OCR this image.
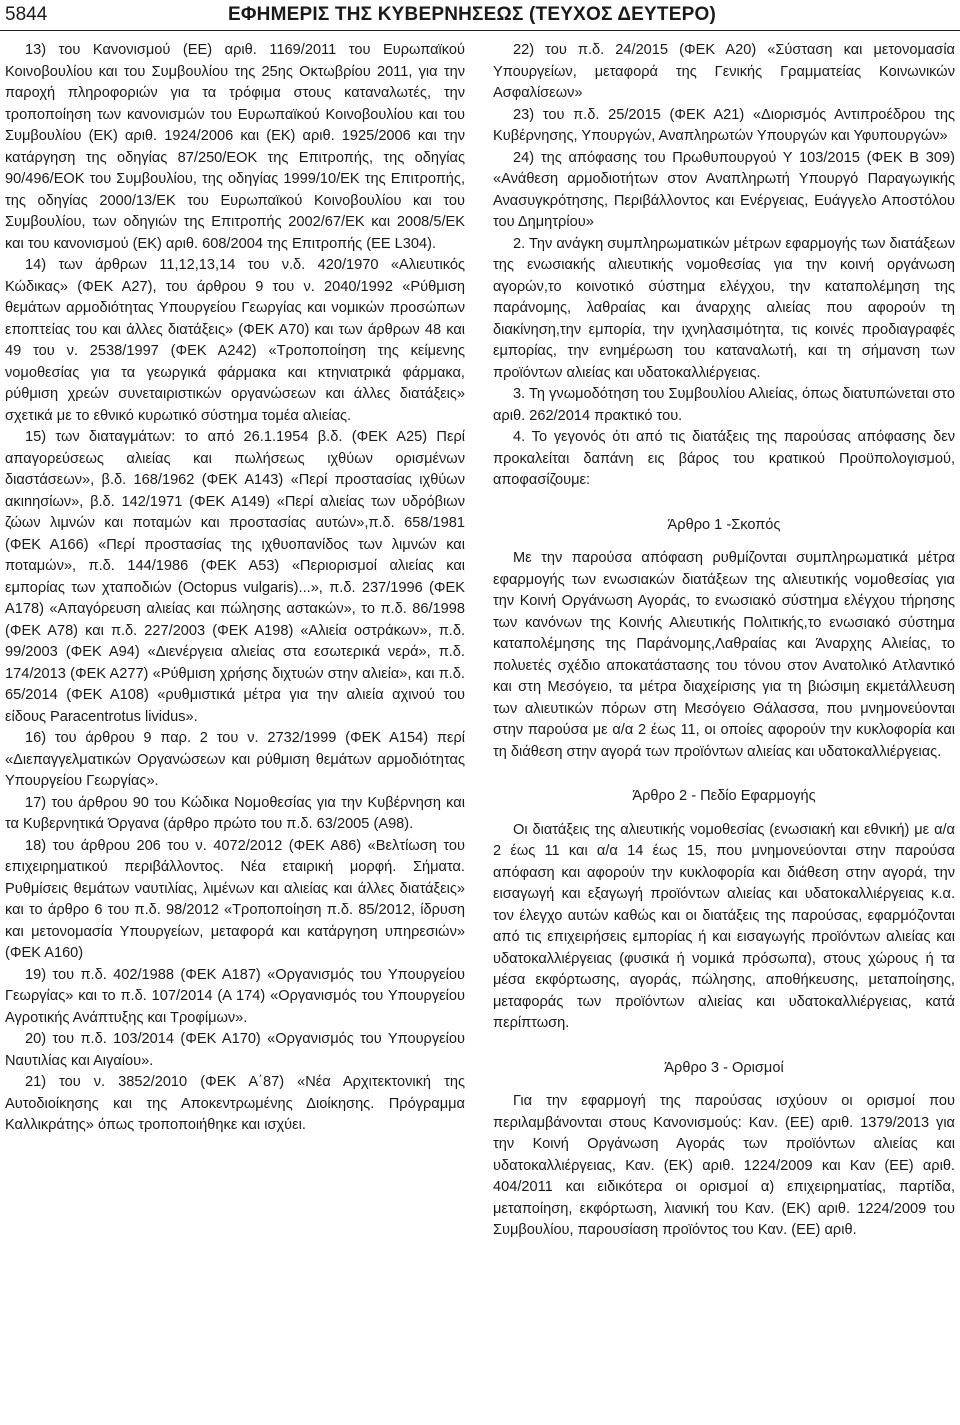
5844	ΕΦΗΜΕΡΙΣ ΤΗΣ ΚΥΒΕΡΝΗΣΕΩΣ (ΤΕΥΧΟΣ ΔΕΥΤΕΡΟ)

13) του Κανονισμού (ΕΕ) αριθ. 1169/2011 του Ευρωπαϊκού Κοινοβουλίου και του Συμβουλίου της 25ης Οκτωβρίου 2011, για την παροχή πληροφοριών για τα τρόφιμα στους καταναλωτές, την τροποποίηση των κανονισμών του Ευρωπαϊκού Κοινοβουλίου και του Συμβουλίου (ΕΚ) αριθ. 1924/2006 και (ΕΚ) αριθ. 1925/2006 και την κατάργηση της οδηγίας 87/250/ΕΟΚ της Επιτροπής, της οδηγίας 90/496/ΕΟΚ του Συμβουλίου, της οδηγίας 1999/10/ΕΚ της Επιτροπής, της οδηγίας 2000/13/ΕΚ του Ευρωπαϊκού Κοινοβουλίου και του Συμβουλίου, των οδηγιών της Επιτροπής 2002/67/ΕΚ και 2008/5/ΕΚ και του κανονισμού (ΕΚ) αριθ. 608/2004 της Επιτροπής (ΕΕ L304).

14) των άρθρων 11,12,13,14 του ν.δ. 420/1970 «Αλιευτικός Κώδικας» (ΦΕΚ Α27), του άρθρου 9 του ν. 2040/1992 «Ρύθμιση θεμάτων αρμοδιότητας Υπουργείου Γεωργίας και νομικών προσώπων εποπτείας του και άλλες διατάξεις» (ΦΕΚ Α70) και των άρθρων 48 και 49 του ν. 2538/1997 (ΦΕΚ Α242) «Τροποποίηση της κείμενης νομοθεσίας για τα γεωργικά φάρμακα και κτηνιατρικά φάρμακα, ρύθμιση χρεών συνεταιριστικών οργανώσεων και άλλες διατάξεις» σχετικά με το εθνικό κυρωτικό σύστημα τομέα αλιείας.

15) των διαταγμάτων: το από 26.1.1954 β.δ. (ΦΕΚ Α25) Περί απαγορεύσεως αλιείας και πωλήσεως ιχθύων ορισμένων διαστάσεων», β.δ. 168/1962 (ΦΕΚ Α143) «Περί προστασίας ιχθύων ακιnησίων», β.δ. 142/1971 (ΦΕΚ Α149) «Περί αλιείας των υδρόβιων ζώων λιμνών και ποταμών και προστασίας αυτών»,π.δ. 658/1981 (ΦΕΚ Α166) «Περί προστασίας της ιχθυοπανίδος των λιμνών και ποταμών», π.δ. 144/1986 (ΦΕΚ Α53) «Περιορισμοί αλιείας και εμπορίας των χταποδιών (Octopus vulgaris)...», π.δ. 237/1996 (ΦΕΚ Α178) «Απαγόρευση αλιείας και πώλησης αστακών», το π.δ. 86/1998 (ΦΕΚ Α78) και π.δ. 227/2003 (ΦΕΚ Α198) «Αλιεία οστράκων», π.δ. 99/2003 (ΦΕΚ Α94) «Διενέργεια αλιείας στα εσωτερικά νερά», π.δ. 174/2013 (ΦΕΚ Α277) «Ρύθμιση χρήσης διχτυών στην αλιεία», και π.δ. 65/2014 (ΦΕΚ Α108) «ρυθμιστικά μέτρα για την αλιεία αχινού του είδους Paracentrotus lividus».

16) του άρθρου 9 παρ. 2 του ν. 2732/1999 (ΦΕΚ Α154) περί «Διεπαγγελματικών Οργανώσεων και ρύθμιση θεμάτων αρμοδιότητας Υπουργείου Γεωργίας».

17) του άρθρου 90 του Κώδικα Νομοθεσίας για την Κυβέρνηση και τα Κυβερνητικά Όργανα (άρθρο πρώτο του π.δ. 63/2005 (Α98).

18) του άρθρου 206 του ν. 4072/2012 (ΦΕΚ Α86) «Βελτίωση του επιχειρηματικού περιβάλλοντος. Νέα εταιρική μορφή. Σήματα. Ρυθμίσεις θεμάτων ναυτιλίας, λιμένων και αλιείας και άλλες διατάξεις» και το άρθρο 6 του π.δ. 98/2012 «Τροποποίηση π.δ. 85/2012, ίδρυση και μετονομασία Υπουργείων, μεταφορά και κατάργηση υπηρεσιών» (ΦΕΚ Α160)

19) του π.δ. 402/1988 (ΦΕΚ Α187) «Οργανισμός του Υπουργείου Γεωργίας» και το π.δ. 107/2014 (Α 174) «Οργανισμός του Υπουργείου Αγροτικής Ανάπτυξης και Τροφίμων».

20) του π.δ. 103/2014 (ΦΕΚ Α170) «Οργανισμός του Υπουργείου Ναυτιλίας και Αιγαίου».

21) του ν. 3852/2010 (ΦΕΚ Α΄87) «Νέα Αρχιτεκτονική της Αυτοδιοίκησης και της Αποκεντρωμένης Διοίκησης. Πρόγραμμα Καλλικράτης» όπως τροποποιήθηκε και ισχύει.

22) του π.δ. 24/2015 (ΦΕΚ Α20) «Σύσταση και μετονομασία Υπουργείων, μεταφορά της Γενικής Γραμματείας Κοινωνικών Ασφαλίσεων»

23) του π.δ. 25/2015 (ΦΕΚ Α21) «Διορισμός Αντιπροέδρου της Κυβέρνησης, Υπουργών, Αναπληρωτών Υπουργών και Υφυπουργών»

24) της απόφασης του Πρωθυπουργού Υ 103/2015 (ΦΕΚ Β 309) «Ανάθεση αρμοδιοτήτων στον Αναπληρωτή Υπουργό Παραγωγικής Ανασυγκρότησης, Περιβάλλοντος και Ενέργειας, Ευάγγελο Αποστόλου του Δημητρίου»

2. Την ανάγκη συμπληρωματικών μέτρων εφαρμογής των διατάξεων της ενωσιακής αλιευτικής νομοθεσίας για την κοινή οργάνωση αγορών,το κοινοτικό σύστημα ελέγχου, την καταπολέμηση της παράνομης, λαθραίας και άναρχης αλιείας που αφορούν τη διακίνηση,την εμπορία, την ιχνηλασιμότητα, τις κοινές προδιαγραφές εμπορίας, την ενημέρωση του καταναλωτή, και τη σήμανση των προϊόντων αλιείας και υδατοκαλλιέργειας.

3. Τη γνωμοδότηση του Συμβουλίου Αλιείας, όπως διατυπώνεται στο αριθ. 262/2014 πρακτικό του.

4. Το γεγονός ότι από τις διατάξεις της παρούσας απόφασης δεν προκαλείται δαπάνη εις βάρος του κρατικού Προϋπολογισμού, αποφασίζουμε:

Άρθρο 1 -Σκοπός

Με την παρούσα απόφαση ρυθμίζονται συμπληρωματικά μέτρα εφαρμογής των ενωσιακών διατάξεων της αλιευτικής νομοθεσίας για την Κοινή Οργάνωση Αγοράς, το ενωσιακό σύστημα ελέγχου τήρησης των κανόνων της Κοινής Αλιευτικής Πολιτικής,το ενωσιακό σύστημα καταπολέμησης της Παράνομης,Λαθραίας και Άναρχης Αλιείας, το πολυετές σχέδιο αποκατάστασης του τόνου στον Ανατολικό Ατλαντικό και στη Μεσόγειο, τα μέτρα διαχείρισης για τη βιώσιμη εκμετάλλευση των αλιευτικών πόρων στη Μεσόγειο Θάλασσα, που μνημονεύονται στην παρούσα με α/α 2 έως 11, οι οποίες αφορούν την κυκλοφορία και τη διάθεση στην αγορά των προϊόντων αλιείας και υδατοκαλλιέργειας.

Άρθρο 2 - Πεδίο Εφαρμογής

Οι διατάξεις της αλιευτικής νομοθεσίας (ενωσιακή και εθνική) με α/α 2 έως 11 και α/α 14 έως 15, που μνημονεύονται στην παρούσα απόφαση και αφορούν την κυκλοφορία και διάθεση στην αγορά, την εισαγωγή και εξαγωγή προϊόντων αλιείας και υδατοκαλλιέργειας κ.α. τον έλεγχο αυτών καθώς και οι διατάξεις της παρούσας, εφαρμόζονται από τις επιχειρήσεις εμπορίας ή και εισαγωγής προϊόντων αλιείας και υδατοκαλλιέργειας (φυσικά ή νομικά πρόσωπα), στους χώρους ή τα μέσα εκφόρτωσης, αγοράς, πώλησης, αποθήκευσης, μεταποίησης, μεταφοράς των προϊόντων αλιείας και υδατοκαλλιέργειας, κατά περίπτωση.

Άρθρο 3 - Ορισμοί

Για την εφαρμογή της παρούσας ισχύουν οι ορισμοί που περιλαμβάνονται στους Κανονισμούς: Καν. (ΕΕ) αριθ. 1379/2013 για την Κοινή Οργάνωση Αγοράς των προϊόντων αλιείας και υδατοκαλλιέργειας, Καν. (ΕΚ) αριθ. 1224/2009 και Καν (ΕΕ) αριθ. 404/2011 και ειδικότερα οι ορισμοί α) επιχειρηματίας, παρτίδα, μεταποίηση, εκφόρτωση, λιανική του Καν. (ΕΚ) αριθ. 1224/2009 του Συμβουλίου, παρουσίαση προϊόντος του Καν. (ΕΕ) αριθ.
